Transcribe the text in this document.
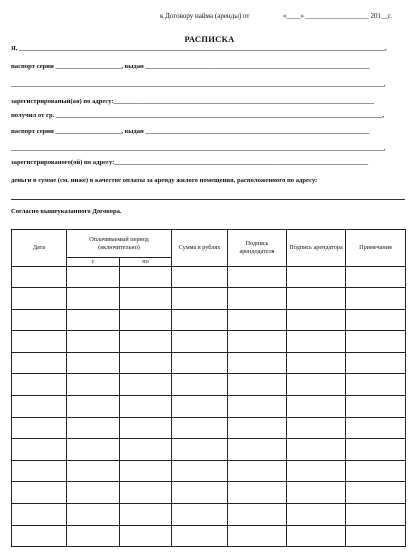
к Договору найма (аренды) от	«____» __________________ 201__г.
РАСПИСКА
Я, _______________________________________________________________________________________________________________,
паспорт серии ____________________, выдан ____________________________________________________________________
_________________________________________________________________________________________________________________,
зарегистрированый(ая) по адресу:_______________________________________________________________________________
получил от гр. ___________________________________________________________________________________________________,
паспорт серии ____________________, выдан ____________________________________________________________________
_________________________________________________________________________________________________________________,
зарегистрированого(ой) по адресу:_____________________________________________________________________________
деньги в сумме (см. ниже) в качестве оплаты за аренду жилого помещения, расположенного по адресу:
Согласно вышеуказанного Договора.
Дата	Оплачиваемый период (включительно)		Сумма в рублях	Подпись арендодателя	Подпись арендатора	Примечания
	с	по				
